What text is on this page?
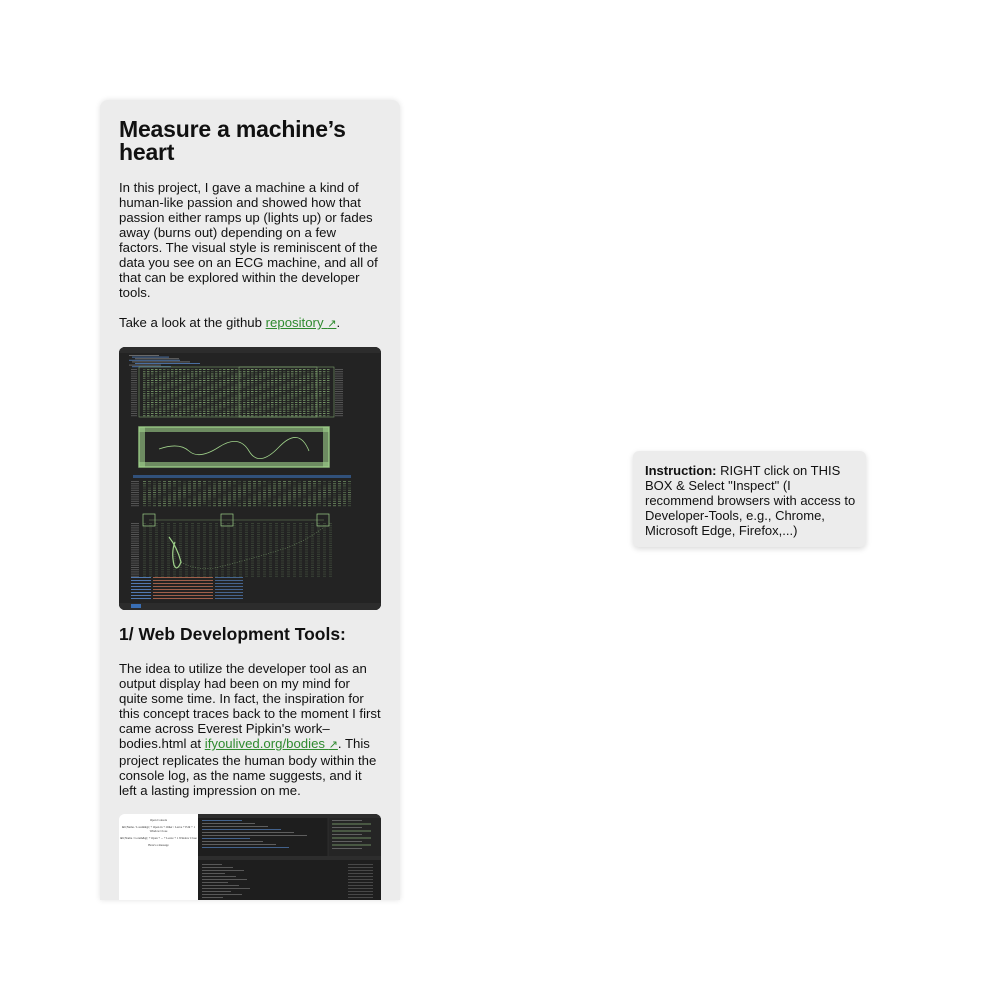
Measure a machine’s heart

In this project, I gave a machine a kind of human-like passion and showed how that passion either ramps up (lights up) or fades away (burns out) depending on a few factors. The visual style is reminiscent of the data you see on an ECG machine, and all of that can be explored within the developer tools.

Take a look at the github repository ↗.

1/ Web Development Tools:

The idea to utilize the developer tool as an output display had been on my mind for quite some time. In fact, the inspiration for this concept traces back to the moment I first came across Everest Pipkin's work–bodies.html at ifyoulived.org/bodies ↗. This project replicates the human body within the console log, as the name suggests, and it left a lasting impression on me.

Open Console
&lt;Name / Lorem&gt; + Open in + Other / Leave + Edit + 1 Window Close
&lt;Name / Lorem&gt; + Open + ... + Leave + 1 Window Close
Here's a message
Instruction: RIGHT click on THIS BOX & Select "Inspect" (I recommend browsers with access to Developer-Tools, e.g., Chrome, Microsoft Edge, Firefox,...)
